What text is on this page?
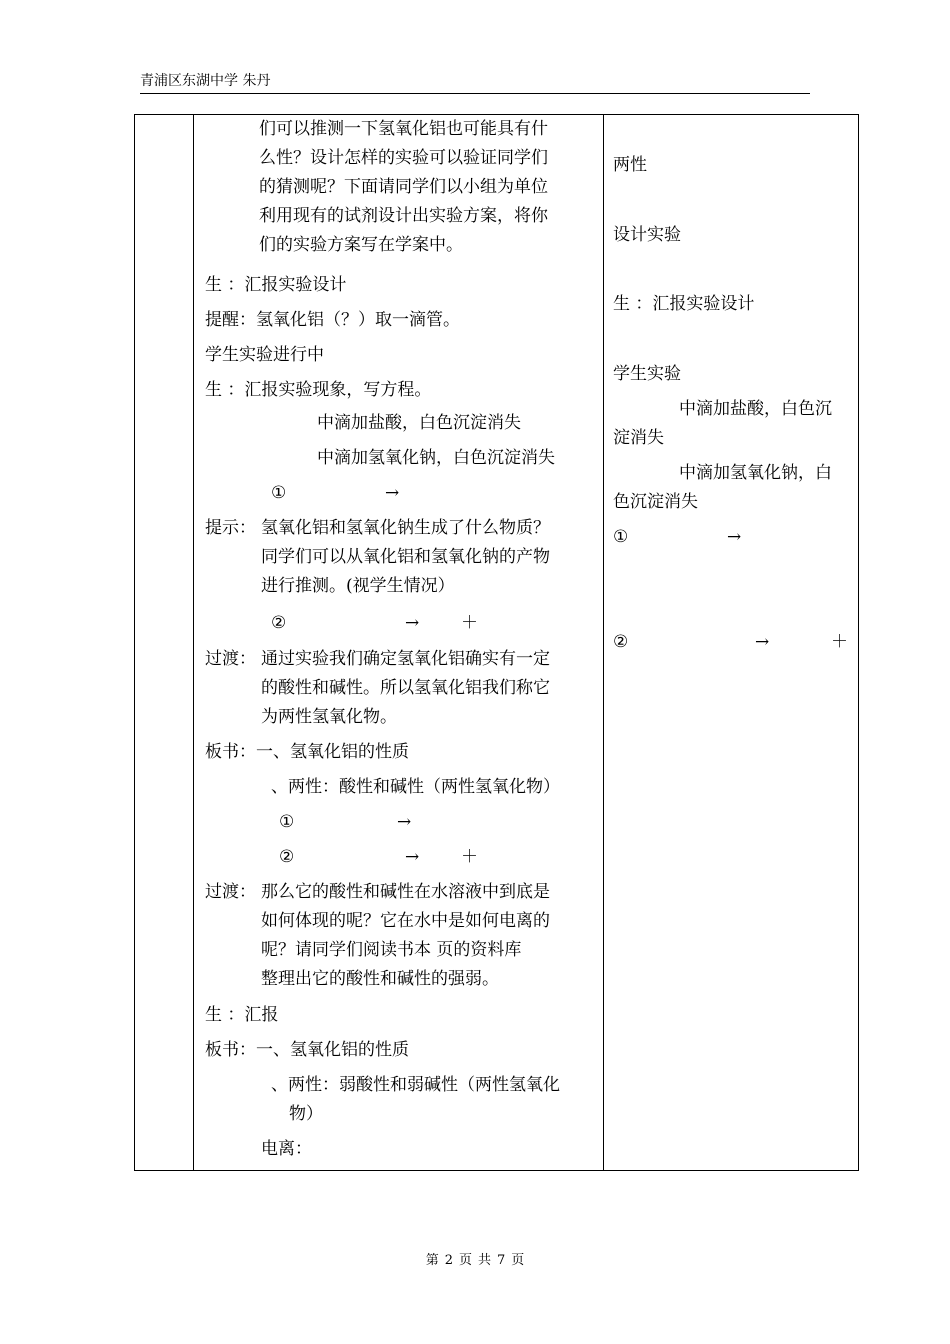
青浦区东湖中学 朱丹
们可以推测一下氢氧化铝也可能具有什
么性？设计怎样的实验可以验证同学们
的猜测呢？下面请同学们以小组为单位
利用现有的试剂设计出实验方案，将你
们的实验方案写在学案中。
生 ：汇报实验设计
提醒：氢氧化铝（？）取一滴管。
学生实验进行中
生 ：汇报实验现象，写方程。
中滴加盐酸，白色沉淀消失
中滴加氢氧化钠，白色沉淀消失
①	→
提示： 氢氧化铝和氢氧化钠生成了什么物质？
同学们可以从氧化铝和氢氧化钠的产物
进行推测。(视学生情况）
②	→ ＋
过渡： 通过实验我们确定氢氧化铝确实有一定
的酸性和碱性。所以氢氧化铝我们称它
为两性氢氧化物。
板书：一、氢氧化铝的性质
、两性：酸性和碱性（两性氢氧化物）
①	→
②	→ ＋
过渡： 那么它的酸性和碱性在水溶液中到底是
如何体现的呢？它在水中是如何电离的
呢？请同学们阅读书本 页的资料库
整理出它的酸性和碱性的强弱。
生 ：汇报
板书：一、氢氧化铝的性质
、两性：弱酸性和弱碱性（两性氢氧化
物）
电离：
两性
设计实验
生 ：汇报实验设计
学生实验
中滴加盐酸，白色沉
淀消失
中滴加氢氧化钠，白
色沉淀消失
①	→
②	→	＋
第 2 页 共 7 页
